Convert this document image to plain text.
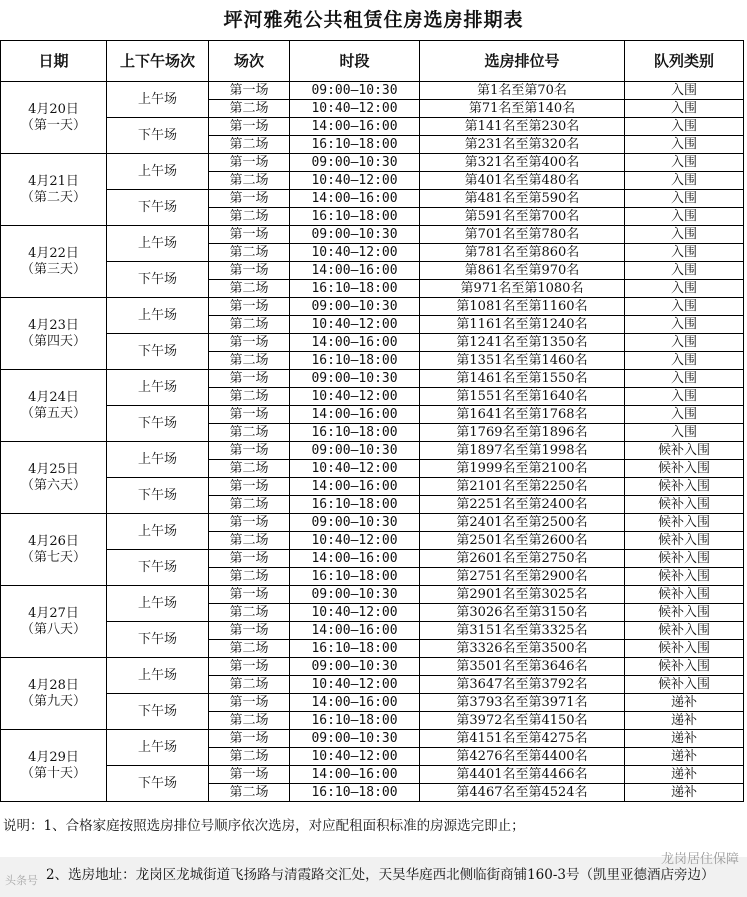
坪河雅苑公共租赁住房选房排期表
日期	上下午场次	场次	时段	选房排位号	队列类别

4月20日
（第一天）	上午场	第一场	09:00—10:30	第1名至第70名	入围
		第二场	10:40—12:00	第71名至第140名	入围
	下午场	第一场	14:00—16:00	第141名至第230名	入围
		第二场	16:10—18:00	第231名至第320名	入围

4月21日
（第二天）	上午场	第一场	09:00—10:30	第321名至第400名	入围
		第二场	10:40—12:00	第401名至第480名	入围
	下午场	第一场	14:00—16:00	第481名至第590名	入围
		第二场	16:10—18:00	第591名至第700名	入围

4月22日
（第三天）	上午场	第一场	09:00—10:30	第701名至第780名	入围
		第二场	10:40—12:00	第781名至第860名	入围
	下午场	第一场	14:00—16:00	第861名至第970名	入围
		第二场	16:10—18:00	第971名至第1080名	入围

4月23日
（第四天）	上午场	第一场	09:00—10:30	第1081名至第1160名	入围
		第二场	10:40—12:00	第1161名至第1240名	入围
	下午场	第一场	14:00—16:00	第1241名至第1350名	入围
		第二场	16:10—18:00	第1351名至第1460名	入围

4月24日
（第五天）	上午场	第一场	09:00—10:30	第1461名至第1550名	入围
		第二场	10:40—12:00	第1551名至第1640名	入围
	下午场	第一场	14:00—16:00	第1641名至第1768名	入围
		第二场	16:10—18:00	第1769名至第1896名	入围

4月25日
（第六天）	上午场	第一场	09:00—10:30	第1897名至第1998名	候补入围
		第二场	10:40—12:00	第1999名至第2100名	候补入围
	下午场	第一场	14:00—16:00	第2101名至第2250名	候补入围
		第二场	16:10—18:00	第2251名至第2400名	候补入围

4月26日
（第七天）	上午场	第一场	09:00—10:30	第2401名至第2500名	候补入围
		第二场	10:40—12:00	第2501名至第2600名	候补入围
	下午场	第一场	14:00—16:00	第2601名至第2750名	候补入围
		第二场	16:10—18:00	第2751名至第2900名	候补入围

4月27日
（第八天）	上午场	第一场	09:00—10:30	第2901名至第3025名	候补入围
		第二场	10:40—12:00	第3026名至第3150名	候补入围
	下午场	第一场	14:00—16:00	第3151名至第3325名	候补入围
		第二场	16:10—18:00	第3326名至第3500名	候补入围

4月28日
（第九天）	上午场	第一场	09:00—10:30	第3501名至第3646名	候补入围
		第二场	10:40—12:00	第3647名至第3792名	候补入围
	下午场	第一场	14:00—16:00	第3793名至第3971名	递补
		第二场	16:10—18:00	第3972名至第4150名	递补

4月29日
（第十天）	上午场	第一场	09:00—10:30	第4151名至第4275名	递补
		第二场	10:40—12:00	第4276名至第4400名	递补
	下午场	第一场	14:00—16:00	第4401名至第4466名	递补
		第二场	16:10—18:00	第4467名至第4524名	递补
说明：1、合格家庭按照选房排位号顺序依次选房，对应配租面积标准的房源选完即止；
2、选房地址：龙岗区龙城街道飞扬路与清霞路交汇处，天昊华庭西北侧临街商铺160-3号（凯里亚德酒店旁边）
龙岗居住保障
头条号
